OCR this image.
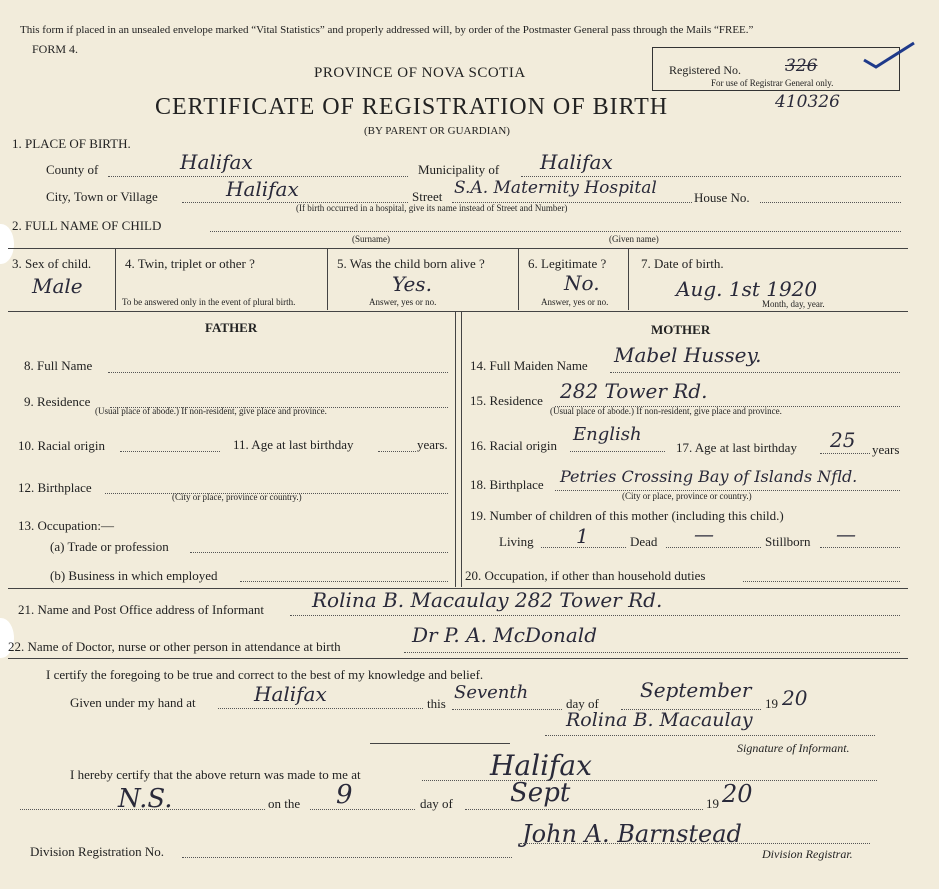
This form if placed in an unsealed envelope marked “Vital Statistics” and properly addressed will, by order of the Postmaster General pass through the Mails “FREE.”
FORM 4.
PROVINCE OF NOVA SCOTIA
CERTIFICATE OF REGISTRATION OF BIRTH
(BY PARENT OR GUARDIAN)
Registered No.	326
For use of Registrar General only.
410326
1. PLACE OF BIRTH.
County of	Halifax	Municipality of Halifax
City, Town or Village	Halifax	Street S.A. Maternity Hospital	House No.
(If birth occurred in a hospital, give its name instead of Street and Number)
2. FULL NAME OF CHILD
(Surname)	(Given name)
3. Sex of child.
Male
4. Twin, triplet or other ?
To be answered only in the event of plural birth.
5. Was the child born alive ?
Yes.
Answer, yes or no.
6. Legitimate ?
No.
Answer, yes or no.
7. Date of birth.
Aug. 1st 1920
Month, day, year.
FATHER	MOTHER
8. Full Name
9. Residence
(Usual place of abode.) If non-resident, give place and province.
10. Racial origin	11. Age at last birthday	years.
12. Birthplace
(City or place, province or country.)
13. Occupation:—
(a) Trade or profession
(b) Business in which employed
14. Full Maiden Name Mabel Hussey.
15. Residence 282 Tower Rd.
(Usual place of abode.) If non-resident, give place and province.
16. Racial origin
English
17. Age at last birthday 25 years
18. Birthplace Petries Crossing Bay of Islands Nfld.
(City or place, province or country.)
19. Number of children of this mother (including this child.)
Living 1	Dead —	Stillborn —
20. Occupation, if other than household duties
21. Name and Post Office address of Informant Rolina B. Macaulay 282 Tower Rd.
22. Name of Doctor, nurse or other person in attendance at birth	Dr P. A. McDonald
I certify the foregoing to be true and correct to the best of my knowledge and belief.
Given under my hand at	Halifax	this
Seventh
day of
September
19 20
Rolina B. Macaulay
Signature of Informant.
I hereby certify that the above return was made to me at	Halifax
N.S.	on the 9	day of Sept	19 20
John A. Barnstead
Division Registration No.	Division Registrar.
